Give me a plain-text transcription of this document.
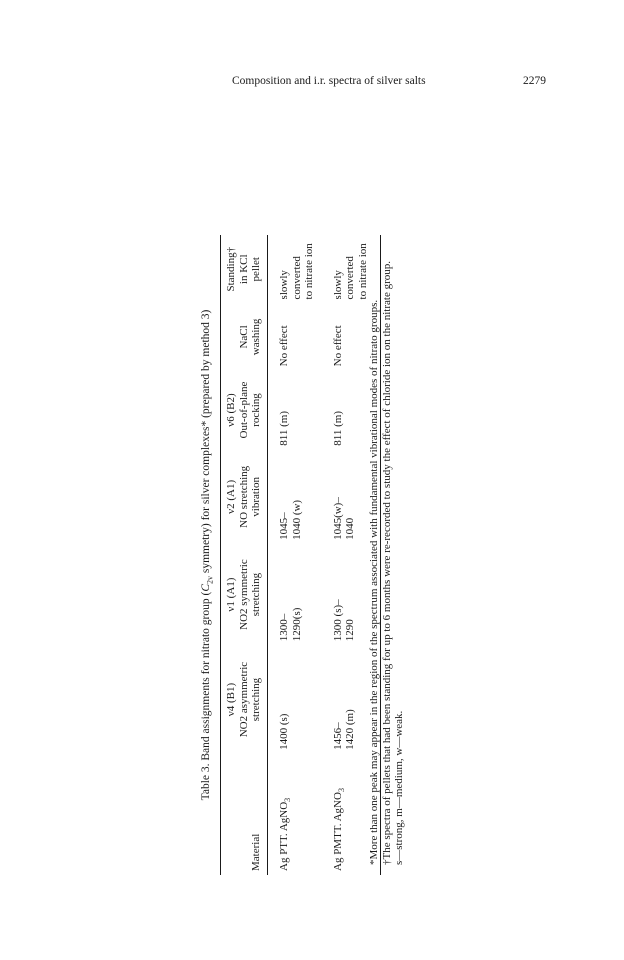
Composition and i.r. spectra of silver salts	2279
Table 3. Band assignments for nitrato group ($C_{2v}$ symmetry) for silver complexes* (prepared by method 3)
Material	ν4 (B1) NO2 asymmetric stretching	ν1 (A1) NO2 symmetric stretching	ν2 (A1) NO stretching vibration	ν6 (B2) Out-of-plane rocking	NaCl washing	Standing† in KCl pellet

Ag PTT. AgNO$_3$	1400 (s)	1300– 1290(s)	1045– 1040 (w)	811 (m)	No effect	slowly converted to nitrate ion

Ag PMTT. AgNO$_3$	1456– 1420 (m)	1300 (s)– 1290	1045(w)– 1040	811 (m)	No effect	slowly converted to nitrate ion

*More than one peak may appear in the region of the spectrum associated with fundamental vibrational modes of nitrato groups. †The spectra of pellets that had been standing for up to 6 months were re-recorded to study the effect of chloride ion on the nitrate group. s—strong, m—medium, w—weak.
